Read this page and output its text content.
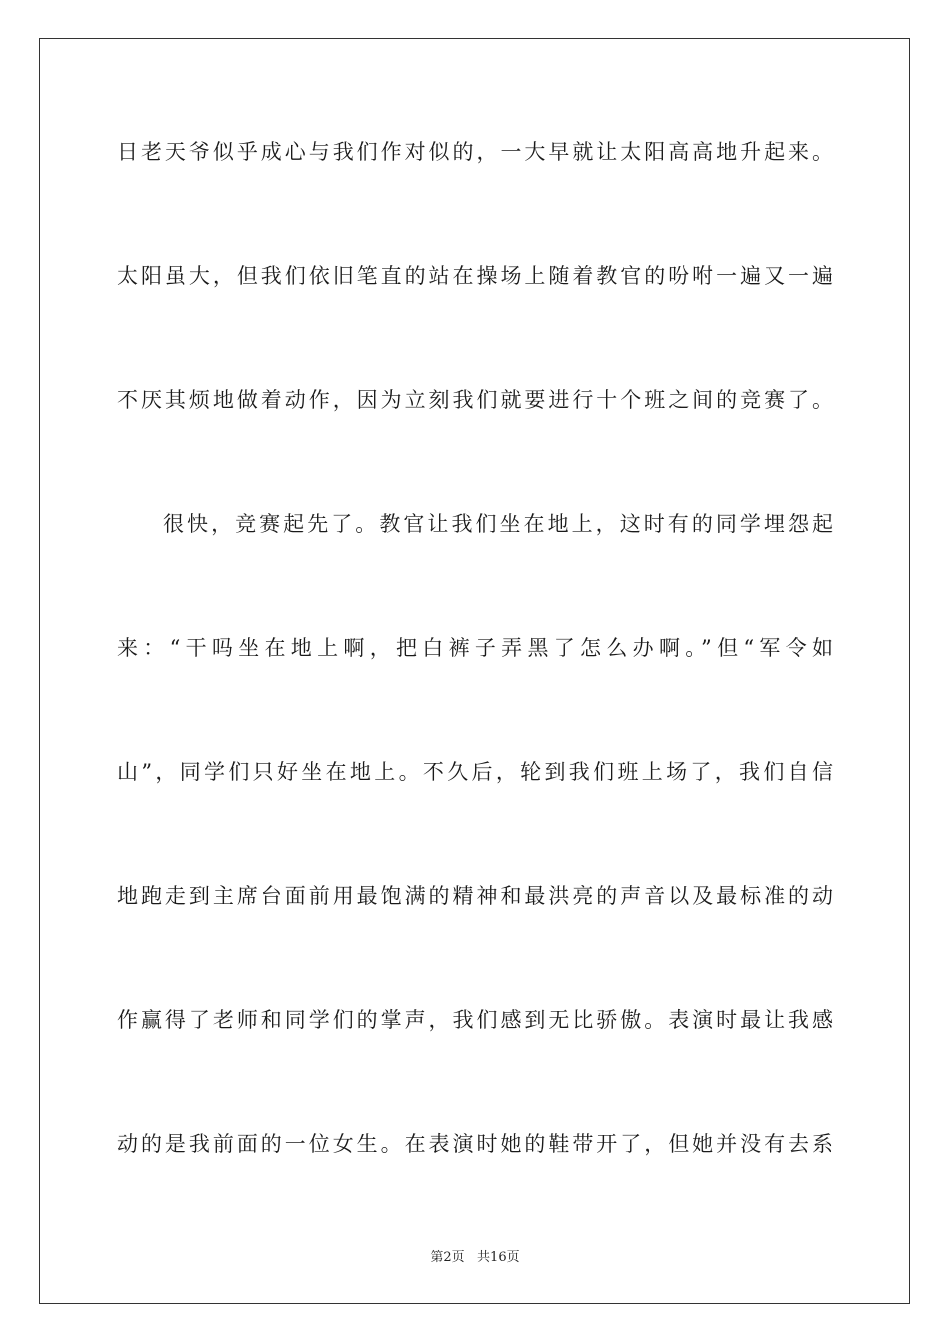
日老天爷似乎成心与我们作对似的，一大早就让太阳高高地升起来。
太阳虽大，但我们依旧笔直的站在操场上随着教官的吩咐一遍又一遍
不厌其烦地做着动作，因为立刻我们就要进行十个班之间的竞赛了。
很快，竞赛起先了。教官让我们坐在地上，这时有的同学埋怨起
来：“干吗坐在地上啊，把白裤子弄黑了怎么办啊。”但“军令如
山”，同学们只好坐在地上。不久后，轮到我们班上场了，我们自信
地跑走到主席台面前用最饱满的精神和最洪亮的声音以及最标准的动
作赢得了老师和同学们的掌声，我们感到无比骄傲。表演时最让我感
动的是我前面的一位女生。在表演时她的鞋带开了，但她并没有去系
第2页   共16页
